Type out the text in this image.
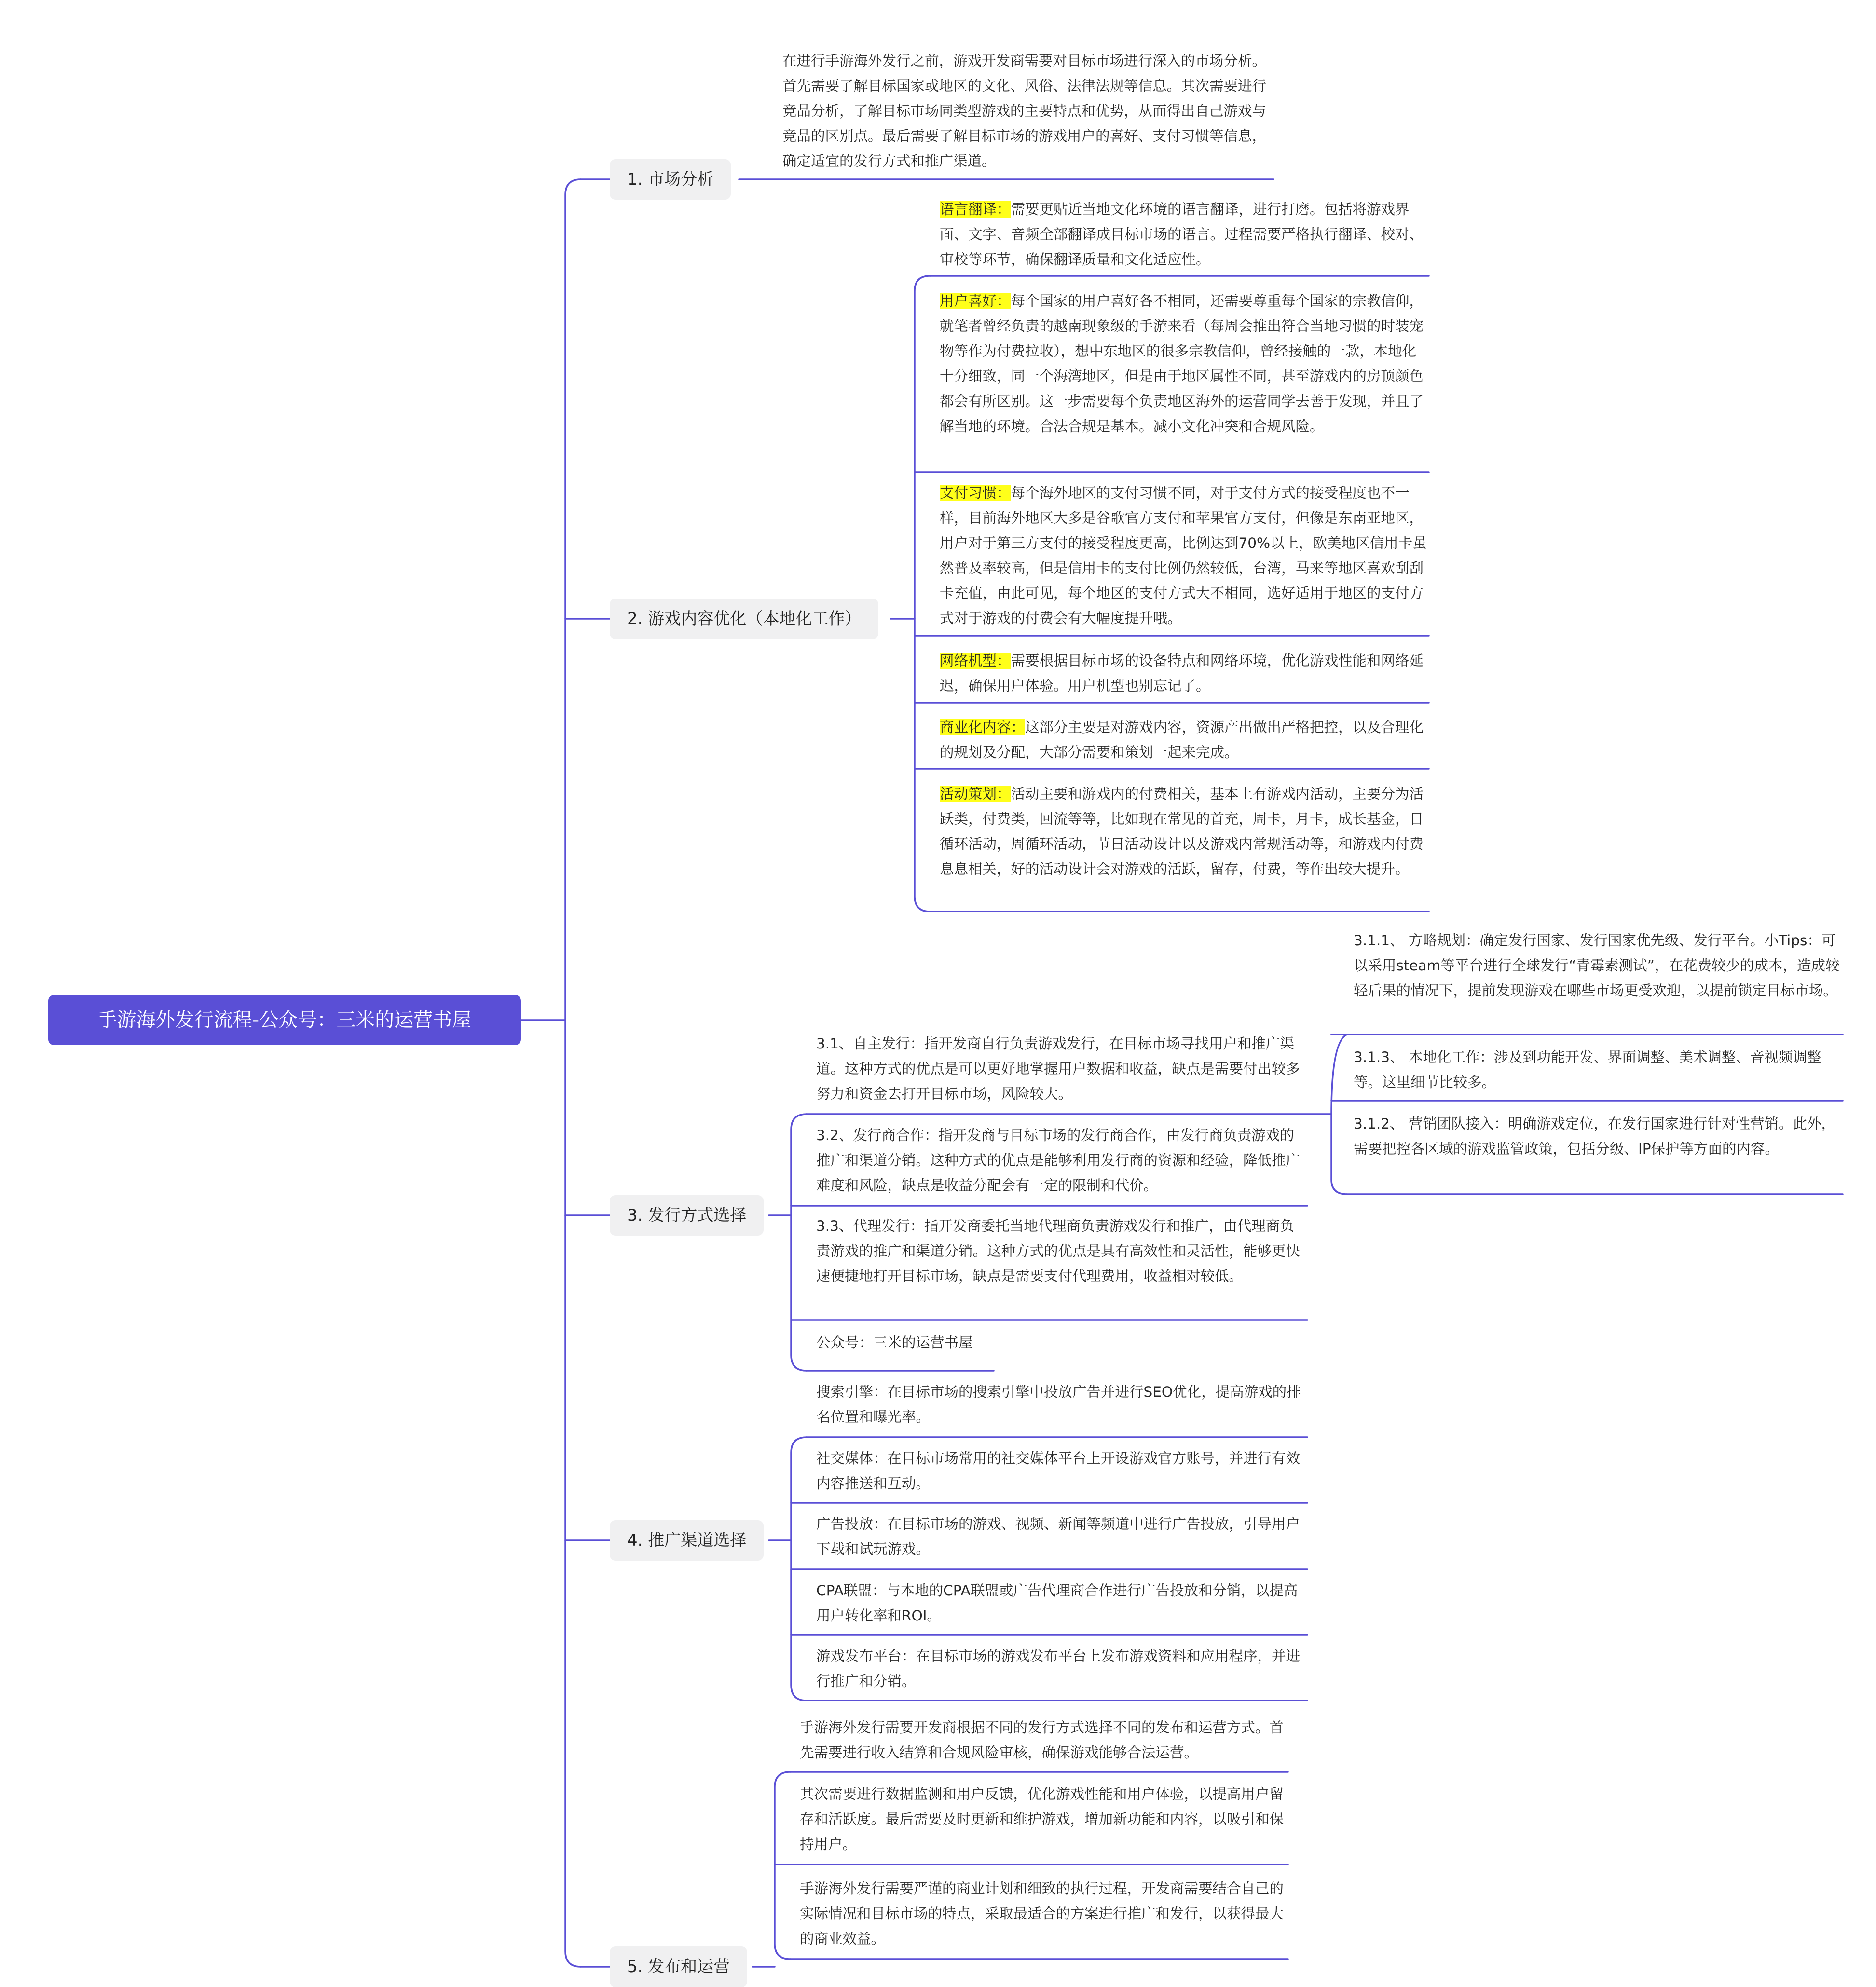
手游海外发行流程-公众号：三米的运营书屋
1. 市场分析
2. 游戏内容优化（本地化工作）
3. 发行方式选择
4. 推广渠道选择
5. 发布和运营
在进行手游海外发行之前，游戏开发商需要对目标市场进行深入的市场分析。首先需要了解目标国家或地区的文化、风俗、法律法规等信息。其次需要进行竞品分析，了解目标市场同类型游戏的主要特点和优势，从而得出自己游戏与竞品的区别点。最后需要了解目标市场的游戏用户的喜好、支付习惯等信息，确定适宜的发行方式和推广渠道。
语言翻译：需要更贴近当地文化环境的语言翻译，进行打磨。包括将游戏界面、文字、音频全部翻译成目标市场的语言。过程需要严格执行翻译、校对、审校等环节，确保翻译质量和文化适应性。
用户喜好：每个国家的用户喜好各不相同，还需要尊重每个国家的宗教信仰，就笔者曾经负责的越南现象级的手游来看（每周会推出符合当地习惯的时装宠物等作为付费拉收），想中东地区的很多宗教信仰，曾经接触的一款，本地化十分细致，同一个海湾地区，但是由于地区属性不同，甚至游戏内的房顶颜色都会有所区别。这一步需要每个负责地区海外的运营同学去善于发现，并且了解当地的环境。合法合规是基本。减小文化冲突和合规风险。
支付习惯：每个海外地区的支付习惯不同，对于支付方式的接受程度也不一样，目前海外地区大多是谷歌官方支付和苹果官方支付，但像是东南亚地区，用户对于第三方支付的接受程度更高，比例达到70%以上，欧美地区信用卡虽然普及率较高，但是信用卡的支付比例仍然较低，台湾，马来等地区喜欢刮刮卡充值，由此可见，每个地区的支付方式大不相同，选好适用于地区的支付方式对于游戏的付费会有大幅度提升哦。
网络机型：需要根据目标市场的设备特点和网络环境，优化游戏性能和网络延迟，确保用户体验。用户机型也别忘记了。
商业化内容：这部分主要是对游戏内容，资源产出做出严格把控，以及合理化的规划及分配，大部分需要和策划一起来完成。
活动策划：活动主要和游戏内的付费相关，基本上有游戏内活动，主要分为活跃类，付费类，回流等等，比如现在常见的首充，周卡，月卡，成长基金，日循环活动，周循环活动，节日活动设计以及游戏内常规活动等，和游戏内付费息息相关，好的活动设计会对游戏的活跃，留存，付费，等作出较大提升。
3.1、自主发行：指开发商自行负责游戏发行，在目标市场寻找用户和推广渠道。这种方式的优点是可以更好地掌握用户数据和收益，缺点是需要付出较多努力和资金去打开目标市场，风险较大。
3.2、发行商合作：指开发商与目标市场的发行商合作，由发行商负责游戏的推广和渠道分销。这种方式的优点是能够利用发行商的资源和经验，降低推广难度和风险，缺点是收益分配会有一定的限制和代价。
3.3、代理发行：指开发商委托当地代理商负责游戏发行和推广，由代理商负责游戏的推广和渠道分销。这种方式的优点是具有高效性和灵活性，能够更快速便捷地打开目标市场，缺点是需要支付代理费用，收益相对较低。
公众号：三米的运营书屋
3.1.1、 方略规划：确定发行国家、发行国家优先级、发行平台。小Tips：可以采用steam等平台进行全球发行“青霉素测试”，在花费较少的成本，造成较轻后果的情况下，提前发现游戏在哪些市场更受欢迎，以提前锁定目标市场。
3.1.3、 本地化工作：涉及到功能开发、界面调整、美术调整、音视频调整等。这里细节比较多。
3.1.2、 营销团队接入：明确游戏定位，在发行国家进行针对性营销。此外，需要把控各区域的游戏监管政策，包括分级、IP保护等方面的内容。
搜索引擎：在目标市场的搜索引擎中投放广告并进行SEO优化，提高游戏的排名位置和曝光率。
社交媒体：在目标市场常用的社交媒体平台上开设游戏官方账号，并进行有效内容推送和互动。
广告投放：在目标市场的游戏、视频、新闻等频道中进行广告投放，引导用户下载和试玩游戏。
CPA联盟：与本地的CPA联盟或广告代理商合作进行广告投放和分销，以提高用户转化率和ROI。
游戏发布平台：在目标市场的游戏发布平台上发布游戏资料和应用程序，并进行推广和分销。
手游海外发行需要开发商根据不同的发行方式选择不同的发布和运营方式。首先需要进行收入结算和合规风险审核，确保游戏能够合法运营。
其次需要进行数据监测和用户反馈，优化游戏性能和用户体验，以提高用户留存和活跃度。最后需要及时更新和维护游戏，增加新功能和内容，以吸引和保持用户。
手游海外发行需要严谨的商业计划和细致的执行过程，开发商需要结合自己的实际情况和目标市场的特点，采取最适合的方案进行推广和发行，以获得最大的商业效益。
